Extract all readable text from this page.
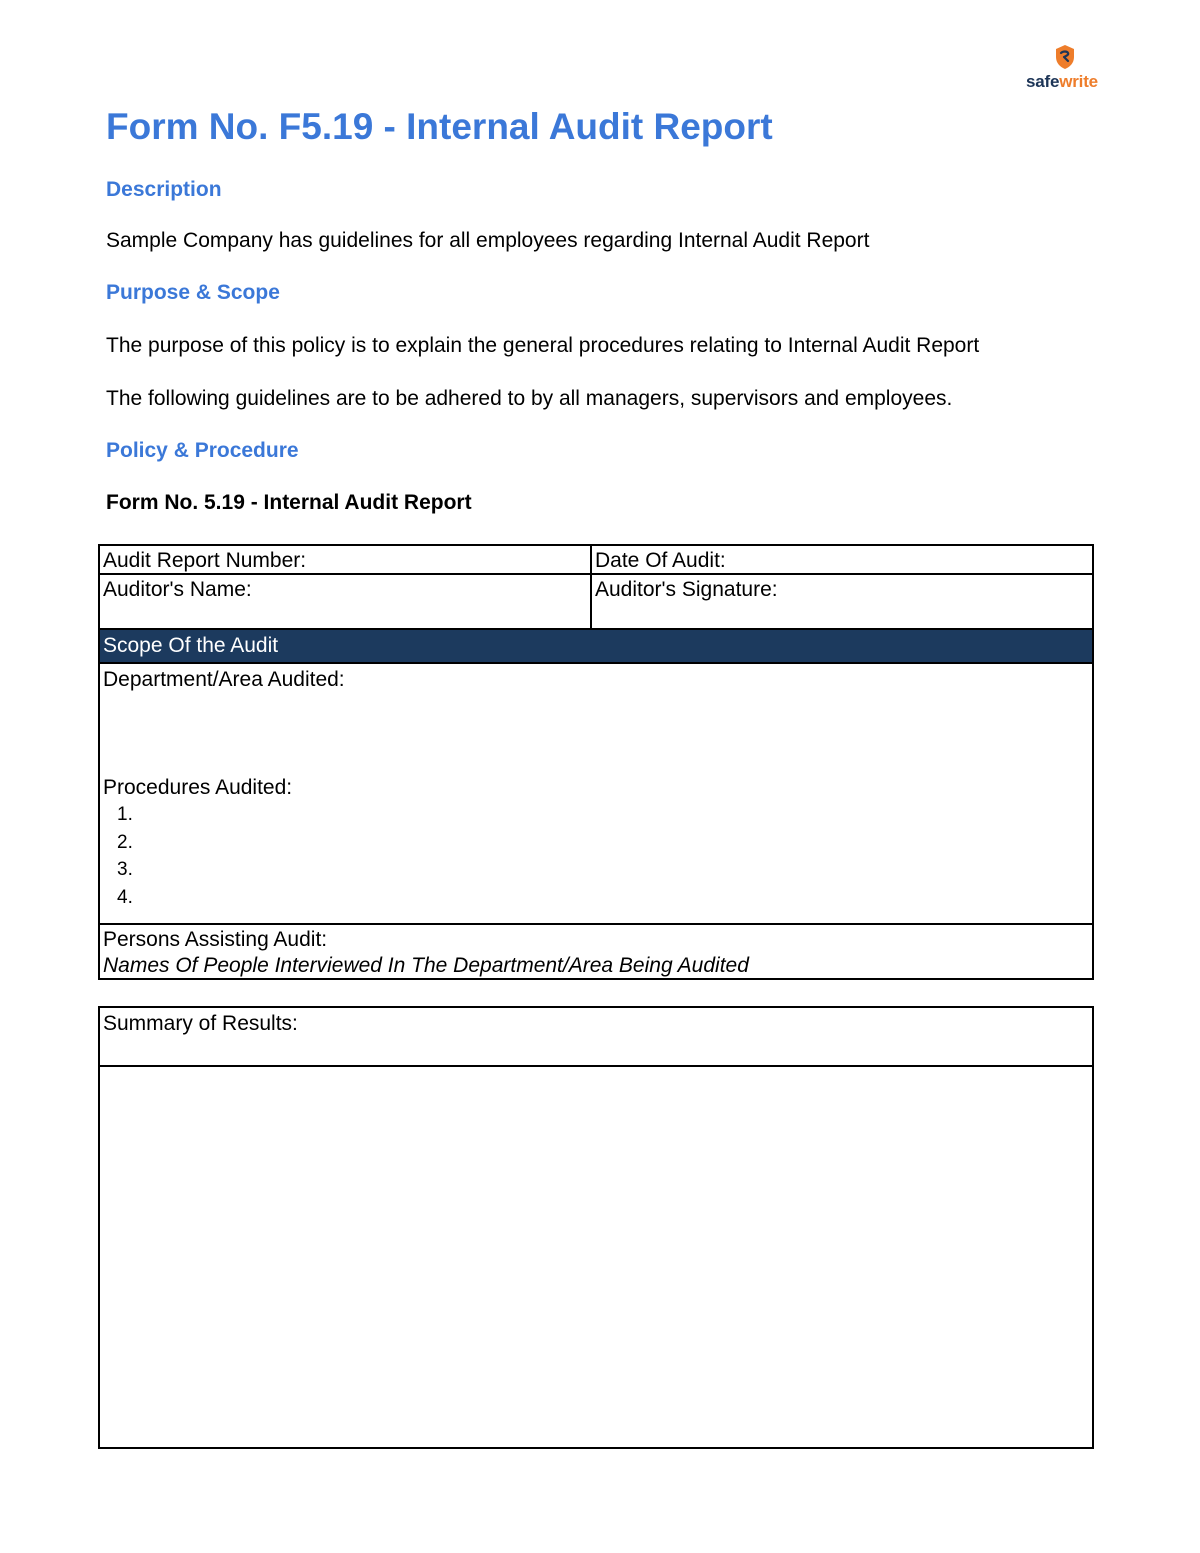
safewrite
Form No. F5.19 - Internal Audit Report
Description

Sample Company has guidelines for all employees regarding Internal Audit Report

Purpose & Scope

The purpose of this policy is to explain the general procedures relating to Internal Audit Report

The following guidelines are to be adhered to by all managers, supervisors and employees.

Policy & Procedure
Form No. 5.19 - Internal Audit Report
Audit Report Number:	Date Of Audit:
Auditor's Name:	Auditor's Signature:
Scope Of the Audit
Department/Area Audited:
Procedures Audited:
1.
2.
3.
4.
Persons Assisting Audit:
Names Of People Interviewed In The Department/Area Being Audited
Summary of Results:
